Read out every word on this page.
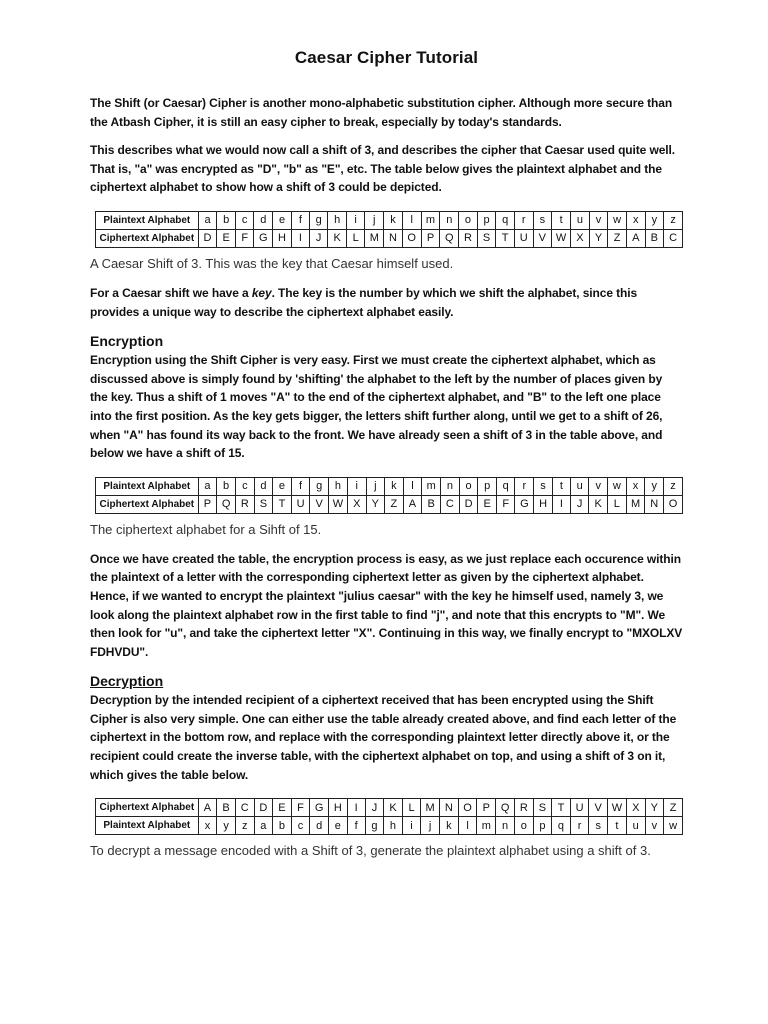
Caesar Cipher Tutorial

The Shift (or Caesar) Cipher is another mono-alphabetic substitution cipher. Although more secure than the Atbash Cipher, it is still an easy cipher to break, especially by today's standards.

This describes what we would now call a shift of 3, and describes the cipher that Caesar used quite well. That is, "a" was encrypted as "D", "b" as "E", etc. The table below gives the plaintext alphabet and the ciphertext alphabet to show how a shift of 3 could be depicted.

Plaintext Alphabet	a	b	c	d	e	f	g	h	i	j	k	l	m	n	o	p	q	r	s	t	u	v	w	x	y	z
Ciphertext Alphabet	D	E	F	G	H	I	J	K	L	M	N	O	P	Q	R	S	T	U	V	W	X	Y	Z	A	B	C
A Caesar Shift of 3. This was the key that Caesar himself used.

For a Caesar shift we have a key. The key is the number by which we shift the alphabet, since this provides a unique way to describe the ciphertext alphabet easily.

Encryption

Encryption using the Shift Cipher is very easy. First we must create the ciphertext alphabet, which as discussed above is simply found by 'shifting' the alphabet to the left by the number of places given by the key. Thus a shift of 1 moves "A" to the end of the ciphertext alphabet, and "B" to the left one place into the first position. As the key gets bigger, the letters shift further along, until we get to a shift of 26, when "A" has found its way back to the front. We have already seen a shift of 3 in the table above, and below we have a shift of 15.

Plaintext Alphabet	a	b	c	d	e	f	g	h	i	j	k	l	m	n	o	p	q	r	s	t	u	v	w	x	y	z
Ciphertext Alphabet	P	Q	R	S	T	U	V	W	X	Y	Z	A	B	C	D	E	F	G	H	I	J	K	L	M	N	O
The ciphertext alphabet for a Sihft of 15.

Once we have created the table, the encryption process is easy, as we just replace each occurence within the plaintext of a letter with the corresponding ciphertext letter as given by the ciphertext alphabet. Hence, if we wanted to encrypt the plaintext "julius caesar" with the key he himself used, namely 3, we look along the plaintext alphabet row in the first table to find "j", and note that this encrypts to "M". We then look for "u", and take the ciphertext letter "X". Continuing in this way, we finally encrypt to "MXOLXV FDHVDU".

Decryption

Decryption by the intended recipient of a ciphertext received that has been encrypted using the Shift Cipher is also very simple. One can either use the table already created above, and find each letter of the ciphertext in the bottom row, and replace with the corresponding plaintext letter directly above it, or the recipient could create the inverse table, with the ciphertext alphabet on top, and using a shift of 3 on it, which gives the table below.

Ciphertext Alphabet	A	B	C	D	E	F	G	H	I	J	K	L	M	N	O	P	Q	R	S	T	U	V	W	X	Y	Z
Plaintext Alphabet	x	y	z	a	b	c	d	e	f	g	h	i	j	k	l	m	n	o	p	q	r	s	t	u	v	w
To decrypt a message encoded with a Shift of 3, generate the plaintext alphabet using a shift of 3.
